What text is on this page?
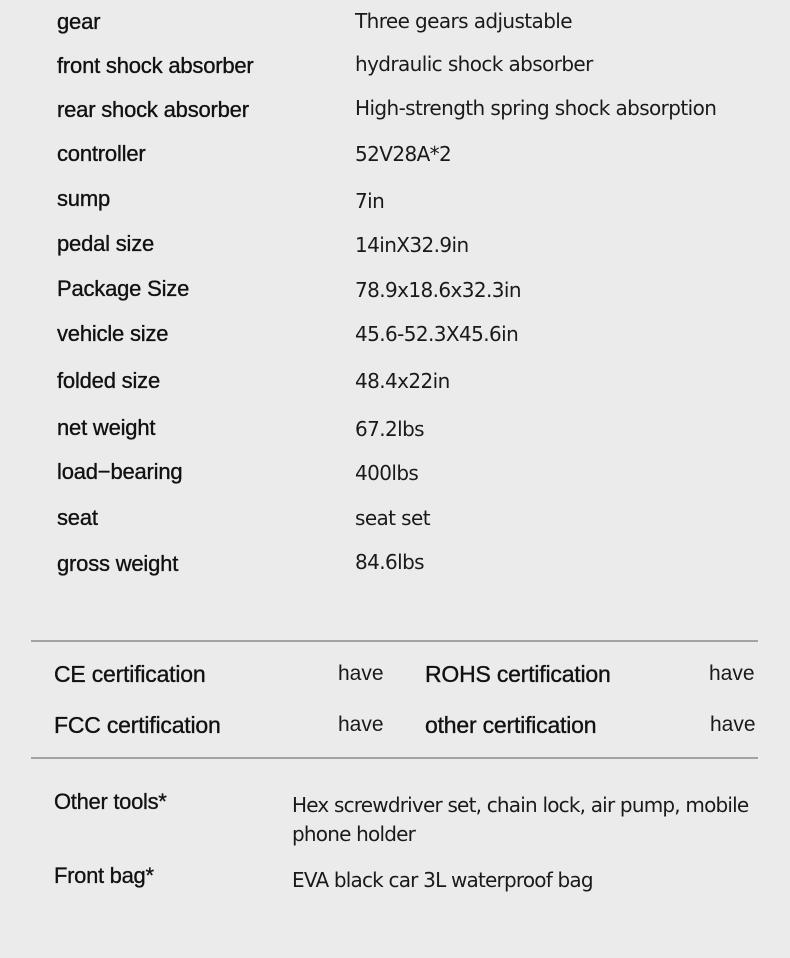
gear	Three gears adjustable
front shock absorber	hydraulic shock absorber
rear shock absorber	High-strength spring shock absorption
controller	52V28A*2
sump	7in
pedal size	14inX32.9in
Package Size	78.9x18.6x32.3in
vehicle size	45.6-52.3X45.6in
folded size	48.4x22in
net weight	67.2lbs
load−bearing	400lbs
seat	seat set
gross weight	84.6lbs
CE certification	have ROHS certification	have
FCC certification	have other certification	have
Other tools*	Hex screwdriver set, chain lock, air pump, mobile phone holder
Front bag*	EVA black car 3L waterproof bag
